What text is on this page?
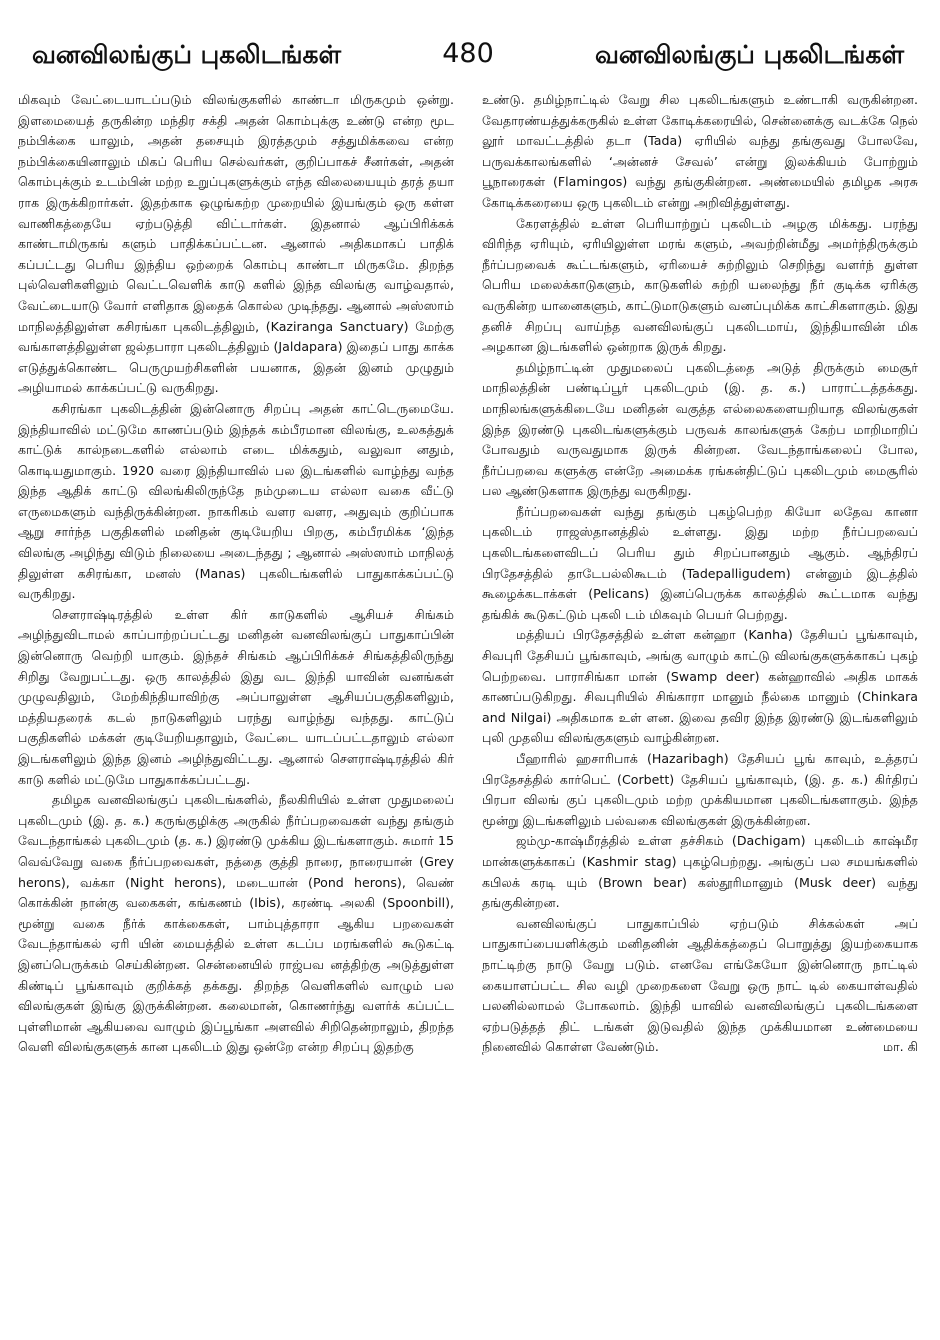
வனவிலங்குப் புகலிடங்கள்	480	வனவிலங்குப் புகலிடங்கள்

மிகவும் வேட்டையாடப்படும் விலங்குகளில் காண்டா மிருகமும் ஒன்று. இளமையைத் தருகின்ற மந்திர சக்தி அதன் கொம்புக்கு உண்டு என்ற மூட நம்பிக்கை யாலும், அதன் தசையும் இரத்தமும் சத்துமிக்கவை என்ற நம்பிக்கையினாலும் மிகப் பெரிய செல்வர்கள், குறிப்பாகச் சீனர்கள், அதன் கொம்புக்கும் உடம்பின் மற்ற உறுப்புகளுக்கும் எந்த விலையையும் தரத் தயா ராக இருக்கிறார்கள். இதற்காக ஒழுங்கற்ற முறையில் இயங்கும் ஒரு கள்ள வாணிகத்தையே ஏற்படுத்தி விட்டார்கள். இதனால் ஆப்பிரிக்கக் காண்டாமிருகங் களும் பாதிக்கப்பட்டன. ஆனால் அதிகமாகப் பாதிக் கப்பட்டது பெரிய இந்திய ஒற்றைக் கொம்பு காண்டா மிருகமே. திறந்த புல்வெளிகளிலும் வெட்டவெளிக் காடு களில் இந்த விலங்கு வாழ்வதால், வேட்டையாடு வோர் எளிதாக இதைக் கொல்ல முடிந்தது. ஆனால் அஸ்ஸாம் மாநிலத்திலுள்ள கசிரங்கா புகலிடத்திலும், (Kaziranga Sanctuary) மேற்கு வங்காளத்திலுள்ள ஜல்தபாரா புகலிடத்திலும் (Jaldapara) இதைப் பாது காக்க எடுத்துக்கொண்ட பெருமுயற்சிகளின் பயனாக, இதன் இனம் முழுதும் அழியாமல் காக்கப்பட்டு வருகிறது.

கசிரங்கா புகலிடத்தின் இன்னொரு சிறப்பு அதன் காட்டெருமையே. இந்தியாவில் மட்டுமே காணப்படும் இந்தக் கம்பீரமான விலங்கு, உலகத்துக் காட்டுக் கால்நடைகளில் எல்லாம் எடை மிக்கதும், வலுவா னதும், கொடியதுமாகும். 1920 வரை இந்தியாவில் பல இடங்களில் வாழ்ந்து வந்த இந்த ஆதிக் காட்டு விலங்கிலிருந்தே நம்முடைய எல்லா வகை வீட்டு எருமைகளும் வந்திருக்கின்றன. நாகரிகம் வளர வளர, அதுவும் குறிப்பாக ஆறு சார்ந்த பகுதிகளில் மனிதன் குடியேறிய பிறகு, கம்பீரமிக்க ‘இந்த விலங்கு அழிந்து விடும் நிலையை அடைந்தது ; ஆனால் அஸ்ஸாம் மாநிலத் திலுள்ள கசிரங்கா, மனஸ் (Manas) புகலிடங்களில் பாதுகாக்கப்பட்டு வருகிறது.

சௌராஷ்டிரத்தில் உள்ள கிர் காடுகளில் ஆசியச் சிங்கம் அழிந்துவிடாமல் காப்பாற்றப்பட்டது மனிதன் வனவிலங்குப் பாதுகாப்பின் இன்னொரு வெற்றி யாகும். இந்தச் சிங்கம் ஆப்பிரிக்கச் சிங்கத்திலிருந்து சிறிது வேறுபட்டது. ஒரு காலத்தில் இது வட இந்தி யாவின் வனங்கள் முழுவதிலும், மேற்கிந்தியாவிற்கு அப்பாலுள்ள ஆசியப்பகுதிகளிலும், மத்தியதரைக் கடல் நாடுகளிலும் பரந்து வாழ்ந்து வந்தது. காட்டுப் பகுதிகளில் மக்கள் குடியேறியதாலும், வேட்டை யாடப்பட்டதாலும் எல்லா இடங்களிலும் இந்த இனம் அழிந்துவிட்டது. ஆனால் சௌராஷ்டிரத்தில் கிர் காடு களில் மட்டுமே பாதுகாக்கப்பட்டது.

தமிழக வனவிலங்குப் புகலிடங்களில், நீலகிரியில் உள்ள முதுமலைப் புகலிடமும் (இ. த. க.) கருங்குழிக்கு அருகில் நீர்ப்பறவைகள் வந்து தங்கும் வேடந்தாங்கல் புகலிடமும் (த. க.) இரண்டு முக்கிய இடங்களாகும். சுமார் 15 வெவ்வேறு வகை நீர்ப்பறவைகள், நத்தை குத்தி நாரை, நாரையான் (Grey herons), வக்கா (Night herons), மடையான் (Pond herons), வெண் கொக்கின் நான்கு வகைகள், கங்கணம் (Ibis), கரண்டி அலகி (Spoonbill), மூன்று வகை நீர்க் காக்கைகள், பாம்புத்தாரா ஆகிய பறவைகள் வேடந்தாங்கல் ஏரி யின் மையத்தில் உள்ள கடப்ப மரங்களில் கூடுகட்டி இனப்பெருக்கம் செய்கின்றன. சென்னையில் ராஜ்பவ னத்திற்கு அடுத்துள்ள கிண்டிப் பூங்காவும் குறிக்கத் தக்கது. திறந்த வெளிகளில் வாழும் பல விலங்குகள் இங்கு இருக்கின்றன. கலைமான், கொணர்ந்து வளர்க் கப்பட்ட புள்ளிமான் ஆகியவை வாழும் இப்பூங்கா அளவில் சிறிதென்றாலும், திறந்த வெளி விலங்குகளுக் கான புகலிடம் இது ஒன்றே என்ற சிறப்பு இதற்கு

உண்டு. தமிழ்நாட்டில் வேறு சில புகலிடங்களும் உண்டாகி வருகின்றன. வேதாரண்யத்துக்கருகில் உள்ள கோடிக்கரையில், சென்னைக்கு வடக்கே நெல் லூர் மாவட்டத்தில் தடா (Tada) ஏரியில் வந்து தங்குவது போலவே, பருவக்காலங்களில் ‘அன்னச் சேவல்’ என்று இலக்கியம் போற்றும் பூநாரைகள் (Flamingos) வந்து தங்குகின்றன. அண்மையில் தமிழக அரசு கோடிக்கரையை ஒரு புகலிடம் என்று அறிவித்துள்ளது.

கேரளத்தில் உள்ள பெரியாற்றுப் புகலிடம் அழகு மிக்கது. பரந்து விரிந்த ஏரியும், ஏரியிலுள்ள மரங் களும், அவற்றின்மீது அமர்ந்திருக்கும் நீர்ப்பறவைக் கூட்டங்களும், ஏரியைச் சுற்றிலும் செறிந்து வளர்ந் துள்ள பெரிய மலைக்காடுகளும், காடுகளில் சுற்றி யலைந்து நீர் குடிக்க ஏரிக்கு வருகின்ற யானைகளும், காட்டுமாடுகளும் வனப்புமிக்க காட்சிகளாகும். இது தனிச் சிறப்பு வாய்ந்த வனவிலங்குப் புகலிடமாய், இந்தியாவின் மிக அழகான இடங்களில் ஒன்றாக இருக் கிறது.

தமிழ்நாட்டின் முதுமலைப் புகலிடத்தை அடுத் திருக்கும் மைசூர் மாநிலத்தின் பண்டிப்பூர் புகலிடமும் (இ. த. க.) பாராட்டத்தக்கது. மாநிலங்களுக்கிடையே மனிதன் வகுத்த எல்லைகளையறியாத விலங்குகள் இந்த இரண்டு புகலிடங்களுக்கும் பருவக் காலங்களுக் கேற்ப மாறிமாறிப் போவதும் வருவதுமாக இருக் கின்றன. வேடந்தாங்கலைப் போல, நீர்ப்பறவை களுக்கு என்றே அமைக்க ரங்கன்திட்டுப் புகலிடமும் மைசூரில் பல ஆண்டுகளாக இருந்து வருகிறது.

நீர்ப்பறவைகள் வந்து தங்கும் புகழ்பெற்ற கியோ லதேவ கானா புகலிடம் ராஜஸ்தானத்தில் உள்ளது. இது மற்ற நீர்ப்பறவைப் புகலிடங்களைவிடப் பெரிய தும் சிறப்பானதும் ஆகும். ஆந்திரப் பிரதேசத்தில் தாடேபல்லிகூடம் (Tadepalligudem) என்னும் இடத்தில் கூழைக்கடாக்கள் (Pelicans) இனப்பெருக்க காலத்தில் கூட்டமாக வந்து தங்கிக் கூடுகட்டும் புகலி டம் மிகவும் பெயர் பெற்றது.

மத்தியப் பிரதேசத்தில் உள்ள கன்ஹா (Kanha) தேசியப் பூங்காவும், சிவபுரி தேசியப் பூங்காவும், அங்கு வாழும் காட்டு விலங்குகளுக்காகப் புகழ் பெற்றவை. பாராசிங்கா மான் (Swamp deer) கன்ஹாவில் அதிக மாகக் காணப்படுகிறது. சிவபுரியில் சிங்காரா மானும் நீல்கை மானும் (Chinkara and Nilgai) அதிகமாக உள் ளன. இவை தவிர இந்த இரண்டு இடங்களிலும் புலி முதலிய விலங்குகளும் வாழ்கின்றன.

பீஹாரில் ஹசாரிபாக் (Hazaribagh) தேசியப் பூங் காவும், உத்தரப் பிரதேசத்தில் கார்பெட் (Corbett) தேசியப் பூங்காவும், (இ. த. க.) கிர்திரப் பிரபா விலங் குப் புகலிடமும் மற்ற முக்கியமான புகலிடங்களாகும். இந்த மூன்று இடங்களிலும் பல்வகை விலங்குகள் இருக்கின்றன.

ஜம்மு-காஷ்மீரத்தில் உள்ள தச்சிகம் (Dachigam) புகலிடம் காஷ்மீர மான்களுக்காகப் (Kashmir stag) புகழ்பெற்றது. அங்குப் பல சமயங்களில் கபிலக் கரடி யும் (Brown bear) கஸ்தூரிமானும் (Musk deer) வந்து தங்குகின்றன.

வனவிலங்குப் பாதுகாப்பில் ஏற்படும் சிக்கல்கள் அப் பாதுகாப்பையளிக்கும் மனிதனின் ஆதிக்கத்தைப் பொறுத்து இயற்கையாக நாட்டிற்கு நாடு வேறு படும். எனவே எங்கேயோ இன்னொரு நாட்டில் கையாளப்பட்ட சில வழி முறைகளை வேறு ஒரு நாட் டில் கையாள்வதில் பலனில்லாமல் போகலாம். இந்தி யாவில் வனவிலங்குப் புகலிடங்களை ஏற்படுத்தத் திட் டங்கள் இடுவதில் இந்த முக்கியமான உண்மையை நினைவில் கொள்ள வேண்டும்.	மா. கி
